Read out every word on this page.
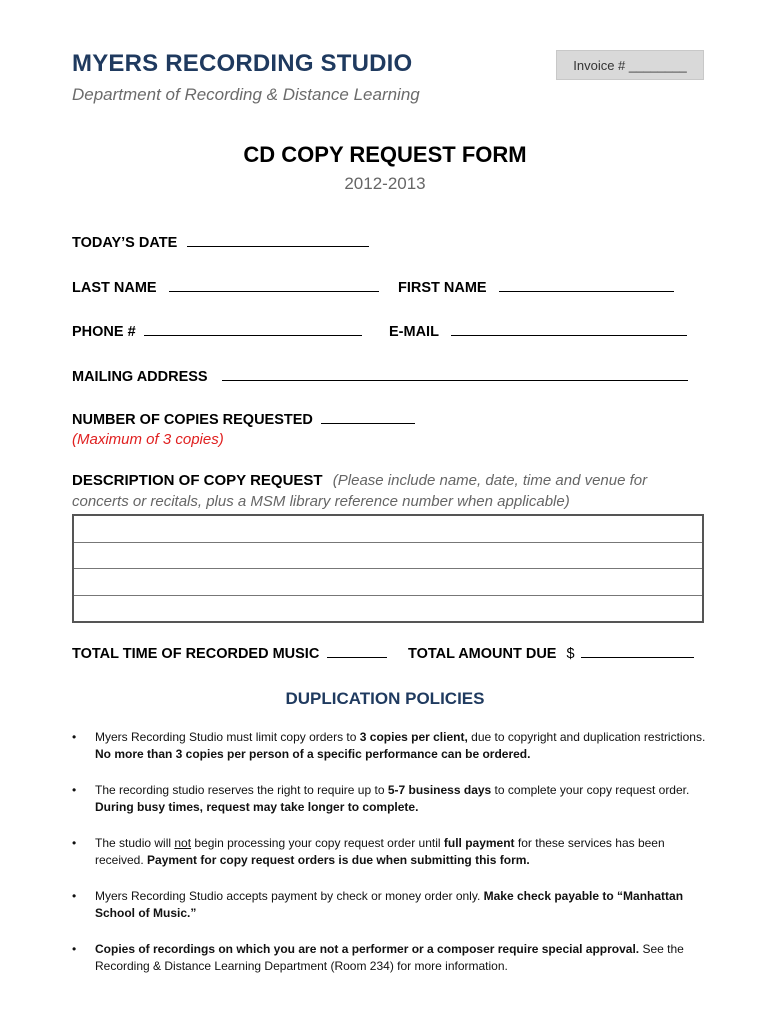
MYERS RECORDING STUDIO
Department of Recording & Distance Learning
Invoice # ________
CD COPY REQUEST FORM
2012-2013
TODAY’S DATE
LAST NAME	FIRST NAME
PHONE #	E-MAIL
MAILING ADDRESS
NUMBER OF COPIES REQUESTED
(Maximum of 3 copies)
DESCRIPTION OF COPY REQUEST (Please include name, date, time and venue for
concerts or recitals, plus a MSM library reference number when applicable)
TOTAL TIME OF RECORDED MUSIC	TOTAL AMOUNT DUE $
DUPLICATION POLICIES
•	Myers Recording Studio must limit copy orders to 3 copies per client, due to copyright and duplication restrictions. No more than 3 copies per person of a specific performance can be ordered.
•	The recording studio reserves the right to require up to 5-7 business days to complete your copy request order. During busy times, request may take longer to complete.
•	The studio will not begin processing your copy request order until full payment for these services has been received. Payment for copy request orders is due when submitting this form.
•	Myers Recording Studio accepts payment by check or money order only. Make check payable to “Manhattan School of Music.”
•	Copies of recordings on which you are not a performer or a composer require special approval. See the Recording & Distance Learning Department (Room 234) for more information.
